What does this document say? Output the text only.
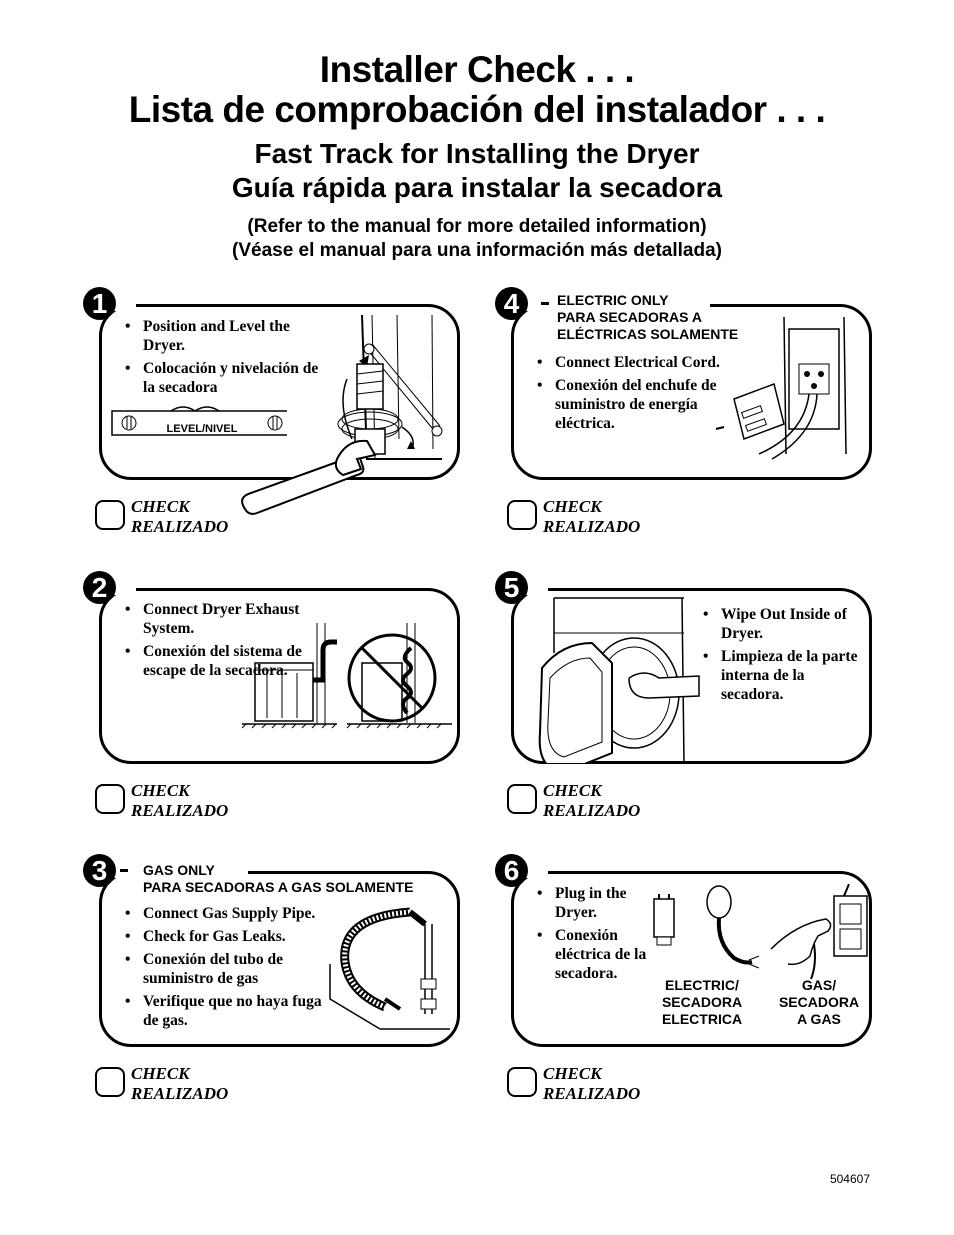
Installer Check . . .
Lista de comprobación del instalador . . .
Fast Track for Installing the Dryer
Guía rápida para instalar la secadora
(Refer to the manual for more detailed information)
(Véase el manual para una información más detallada)
1
• Position and Level the Dryer.
• Colocación y nivelación de la secadora
LEVEL/NIVEL
CHECK
REALIZADO
2
• Connect Dryer Exhaust System.
• Conexión del sistema de escape de la secadora.
CHECK
REALIZADO
3	GAS ONLY
PARA SECADORAS A GAS SOLAMENTE
• Connect Gas Supply Pipe.
• Check for Gas Leaks.
• Conexión del tubo de suministro de gas
• Verifique que no haya fuga de gas.
CHECK
REALIZADO
4	ELECTRIC ONLY
PARA SECADORAS A
ELÉCTRICAS SOLAMENTE
• Connect Electrical Cord.
• Conexión del enchufe de suministro de energía eléctrica.
CHECK
REALIZADO
5
• Wipe Out Inside of Dryer.
• Limpieza de la parte interna de la secadora.
CHECK
REALIZADO
6
• Plug in the Dryer.
• Conexión eléctrica de la secadora.
ELECTRIC/ SECADORA ELECTRICA
GAS/ SECADORA A GAS
CHECK
REALIZADO
504607
